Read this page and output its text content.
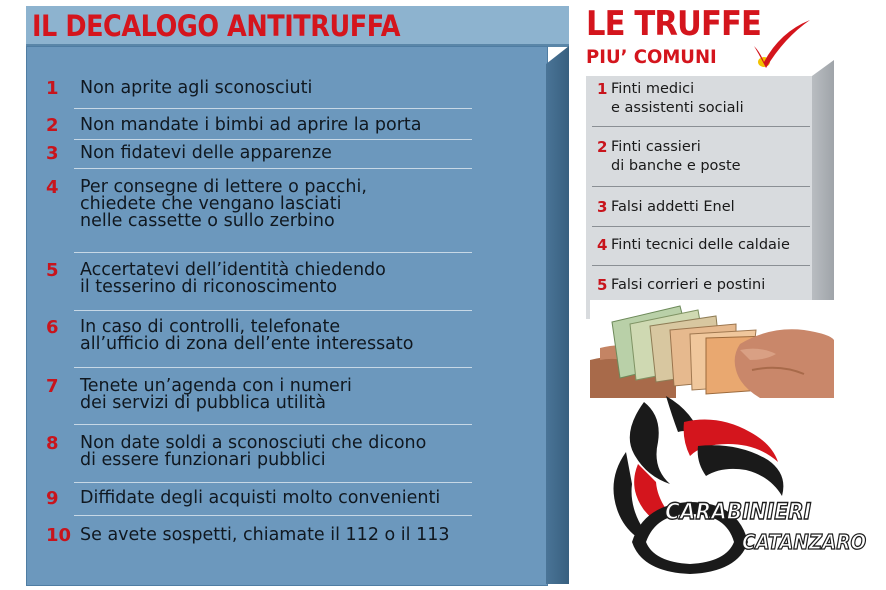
IL DECALOGO ANTITRUFFA
1	Non aprite agli sconosciuti
2	Non mandate i bimbi ad aprire la porta
3	Non fidatevi delle apparenze
4	Per consegne di lettere o pacchi,
chiedete che vengano lasciati
nelle cassette o sullo zerbino
5	Accertatevi dell’identità chiedendo
il tesserino di riconoscimento
6	In caso di controlli, telefonate
all’ufficio di zona dell’ente interessato
7	Tenete un’agenda con i numeri
dei servizi di pubblica utilità
8	Non date soldi a sconosciuti che dicono
di essere funzionari pubblici
9	Diffidate degli acquisti molto convenienti
10 Se avete sospetti, chiamate il 112 o il 113
LE TRUFFE
PIU’ COMUNI
1 Finti medici
e assistenti sociali
2 Finti cassieri
di banche e poste
3 Falsi addetti Enel
4 Finti tecnici delle caldaie
5 Falsi corrieri e postini
CARABINIERI
CATANZARO
